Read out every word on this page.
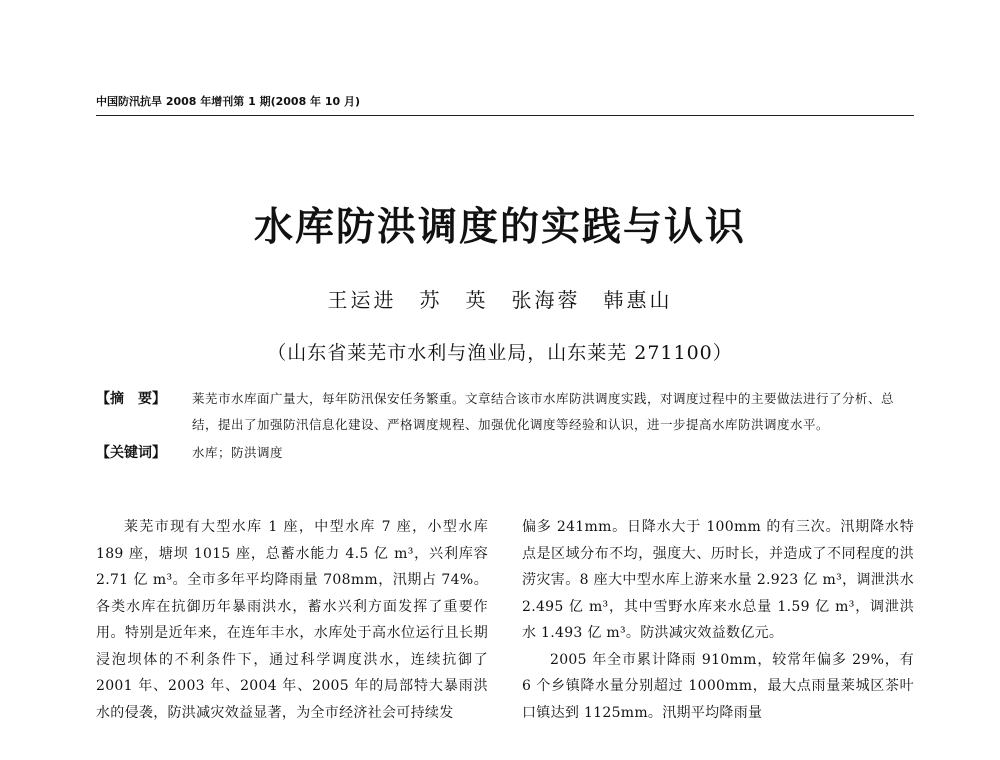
中国防汛抗旱 2008 年增刊第 1 期(2008 年 10 月)
水库防洪调度的实践与认识
王运进　苏　英　张海蓉　韩惠山
（山东省莱芜市水利与渔业局，山东莱芜 271100）
【摘　要】	莱芜市水库面广量大，每年防汛保安任务繁重。文章结合该市水库防洪调度实践，对调度过程中的主要做法进行了分析、总结，提出了加强防汛信息化建设、严格调度规程、加强优化调度等经验和认识，进一步提高水库防洪调度水平。
【关键词】	水库；防洪调度

莱芜市现有大型水库 1 座，中型水库 7 座，小型水库 189 座，塘坝 1015 座，总蓄水能力 4.5 亿 m³，兴利库容 2.71 亿 m³。全市多年平均降雨量 708mm，汛期占 74%。各类水库在抗御历年暴雨洪水，蓄水兴利方面发挥了重要作用。特别是近年来，在连年丰水，水库处于高水位运行且长期浸泡坝体的不利条件下，通过科学调度洪水，连续抗御了 2001 年、2003 年、2004 年、2005 年的局部特大暴雨洪水的侵袭，防洪减灾效益显著，为全市经济社会可持续发

偏多 241mm。日降水大于 100mm 的有三次。汛期降水特点是区域分布不均，强度大、历时长，并造成了不同程度的洪涝灾害。8 座大中型水库上游来水量 2.923 亿 m³，调泄洪水 2.495 亿 m³，其中雪野水库来水总量 1.59 亿 m³，调泄洪水 1.493 亿 m³。防洪减灾效益数亿元。

2005 年全市累计降雨 910mm，较常年偏多 29%，有 6 个乡镇降水量分别超过 1000mm，最大点雨量莱城区茶叶口镇达到 1125mm。汛期平均降雨量
